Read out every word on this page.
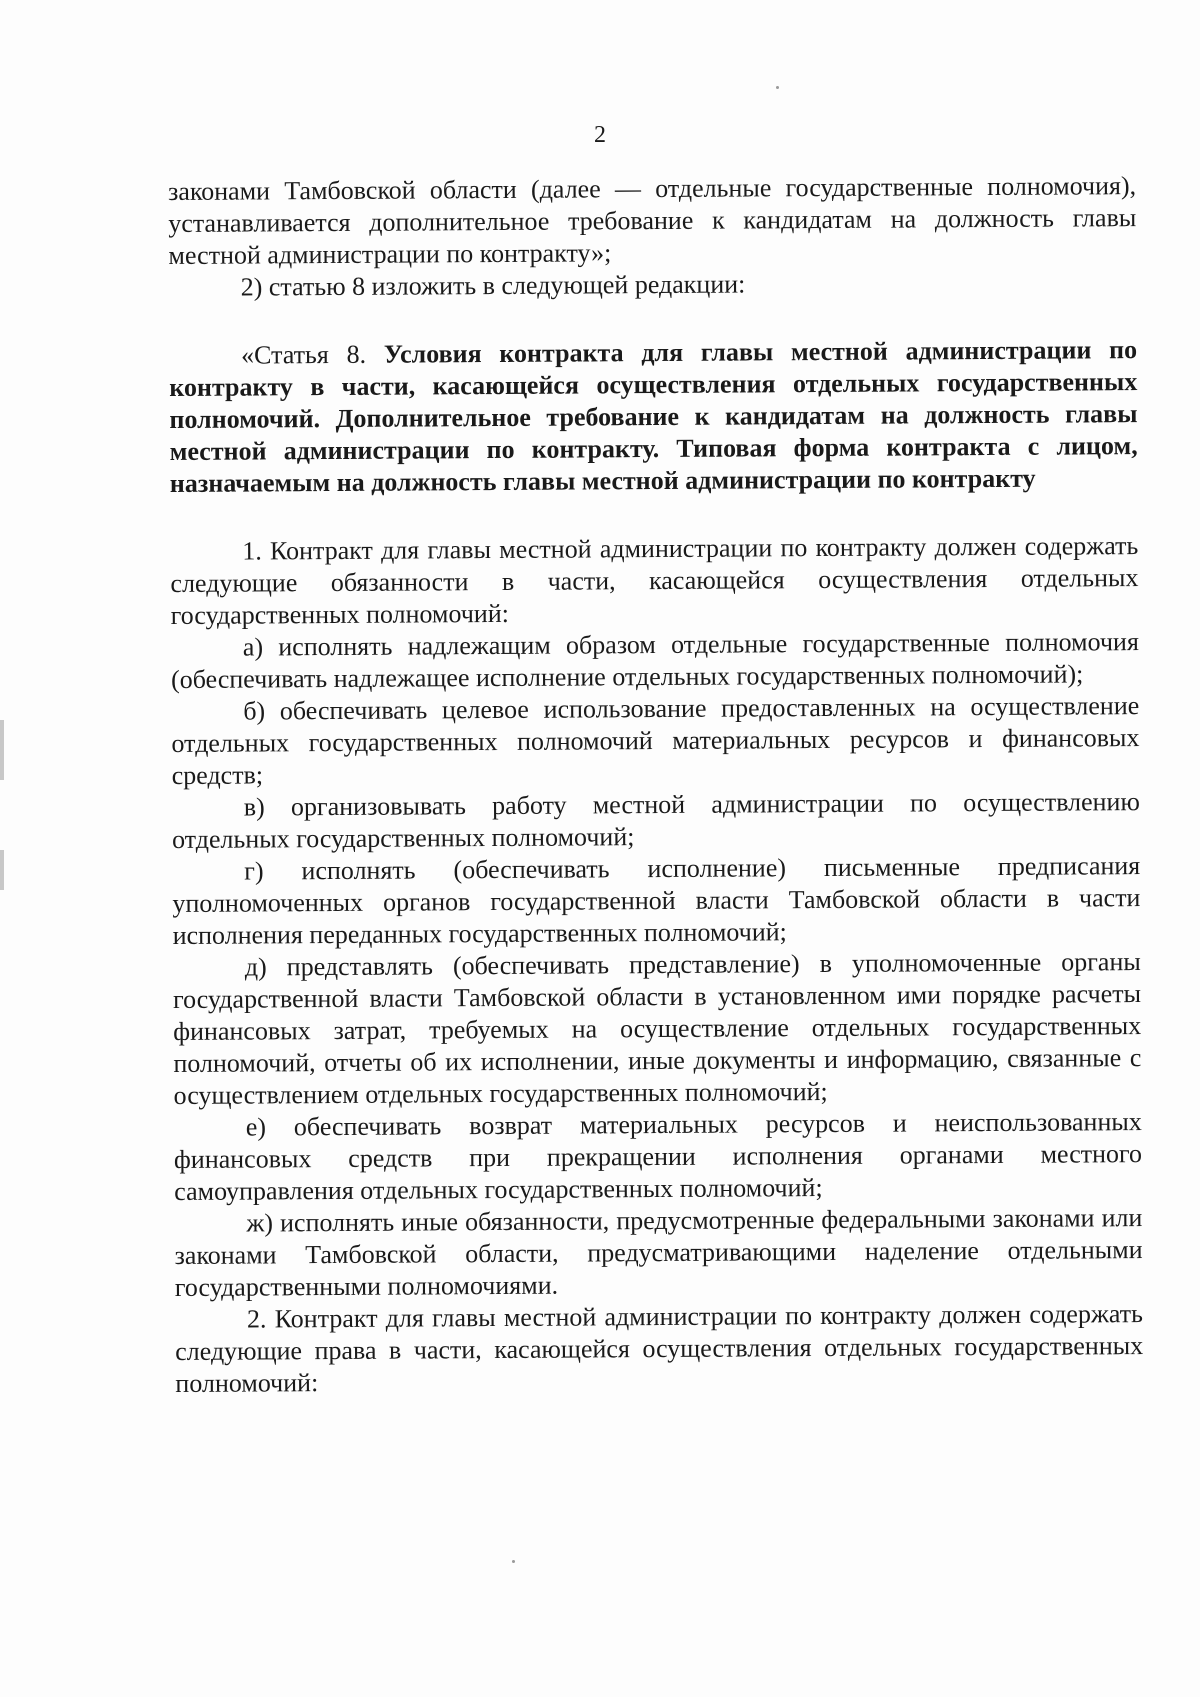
2

законами Тамбовской области (далее — отдельные государственные полномочия), устанавливается дополнительное требование к кандидатам на должность главы местной администрации по контракту»;

2) статью 8 изложить в следующей редакции:

«Статья 8. Условия контракта для главы местной администрации по контракту в части, касающейся осуществления отдельных государственных полномочий. Дополнительное требование к кандидатам на должность главы местной администрации по контракту. Типовая форма контракта с лицом, назначаемым на должность главы местной администрации по контракту

1. Контракт для главы местной администрации по контракту должен содержать следующие обязанности в части, касающейся осуществления отдельных государственных полномочий:

а) исполнять надлежащим образом отдельные государственные полномочия (обеспечивать надлежащее исполнение отдельных государственных полномочий);

б) обеспечивать целевое использование предоставленных на осуществление отдельных государственных полномочий материальных ресурсов и финансовых средств;

в) организовывать работу местной администрации по осуществлению отдельных государственных полномочий;

г) исполнять (обеспечивать исполнение) письменные предписания уполномоченных органов государственной власти Тамбовской области в части исполнения переданных государственных полномочий;

д) представлять (обеспечивать представление) в уполномоченные органы государственной власти Тамбовской области в установленном ими порядке расчеты финансовых затрат, требуемых на осуществление отдельных государственных полномочий, отчеты об их исполнении, иные документы и информацию, связанные с осуществлением отдельных государственных полномочий;

е) обеспечивать возврат материальных ресурсов и неиспользованных финансовых средств при прекращении исполнения органами местного самоуправления отдельных государственных полномочий;

ж) исполнять иные обязанности, предусмотренные федеральными законами или законами Тамбовской области, предусматривающими наделение отдельными государственными полномочиями.

2. Контракт для главы местной администрации по контракту должен содержать следующие права в части, касающейся осуществления отдельных государственных полномочий:
